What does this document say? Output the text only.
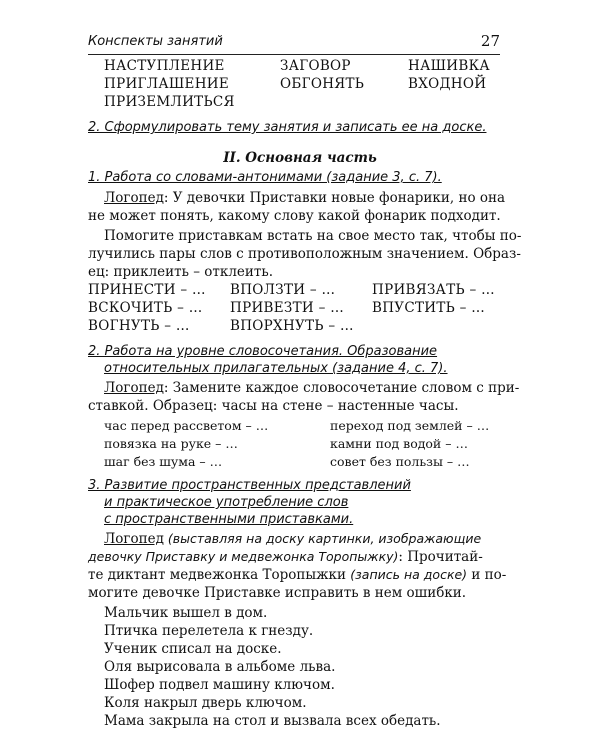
Конспекты занятий	27
НАСТУПЛЕНИЕ
ПРИГЛАШЕНИЕ
ПРИЗЕМЛИТЬСЯ
ЗАГОВОР
ОБГОНЯТЬ
НАШИВКА
ВХОДНОЙ
2. Сформулировать тему занятия и записать ее на доске.
II. Основная часть
1. Работа со словами-антонимами (задание 3, с. 7).
Логопед: У девочки Приставки новые фонарики, но она
не может понять, какому слову какой фонарик подходит.
Помогите приставкам встать на свое место так, чтобы по-
лучились пары слов с противоположным значением. Образ-
ец: приклеить – отклеить.
ПРИНЕСТИ – …
ВСКОЧИТЬ – …
ВОГНУТЬ – …
ВПОЛЗТИ – …
ПРИВЕЗТИ – …
ВПОРХНУТЬ – …
ПРИВЯЗАТЬ – …
ВПУСТИТЬ – …
2. Работа на уровне словосочетания. Образование
относительных прилагательных (задание 4, с. 7).
Логопед: Замените каждое словосочетание словом с при-
ставкой. Образец: часы на стене – настенные часы.
час перед рассветом – …
повязка на руке – …
шаг без шума – …
переход под землей – …
камни под водой – …
совет без пользы – …
3. Развитие пространственных представлений
и практическое употребление слов
с пространственными приставками.
Логопед (выставляя на доску картинки, изображающие
девочку Приставку и медвежонка Торопыжку): Прочитай-
те диктант медвежонка Торопыжки (запись на доске) и по-
могите девочке Приставке исправить в нем ошибки.
Мальчик вышел в дом.
Птичка перелетела к гнезду.
Ученик списал на доске.
Оля вырисовала в альбоме льва.
Шофер подвел машину ключом.
Коля накрыл дверь ключом.
Мама закрыла на стол и вызвала всех обедать.
